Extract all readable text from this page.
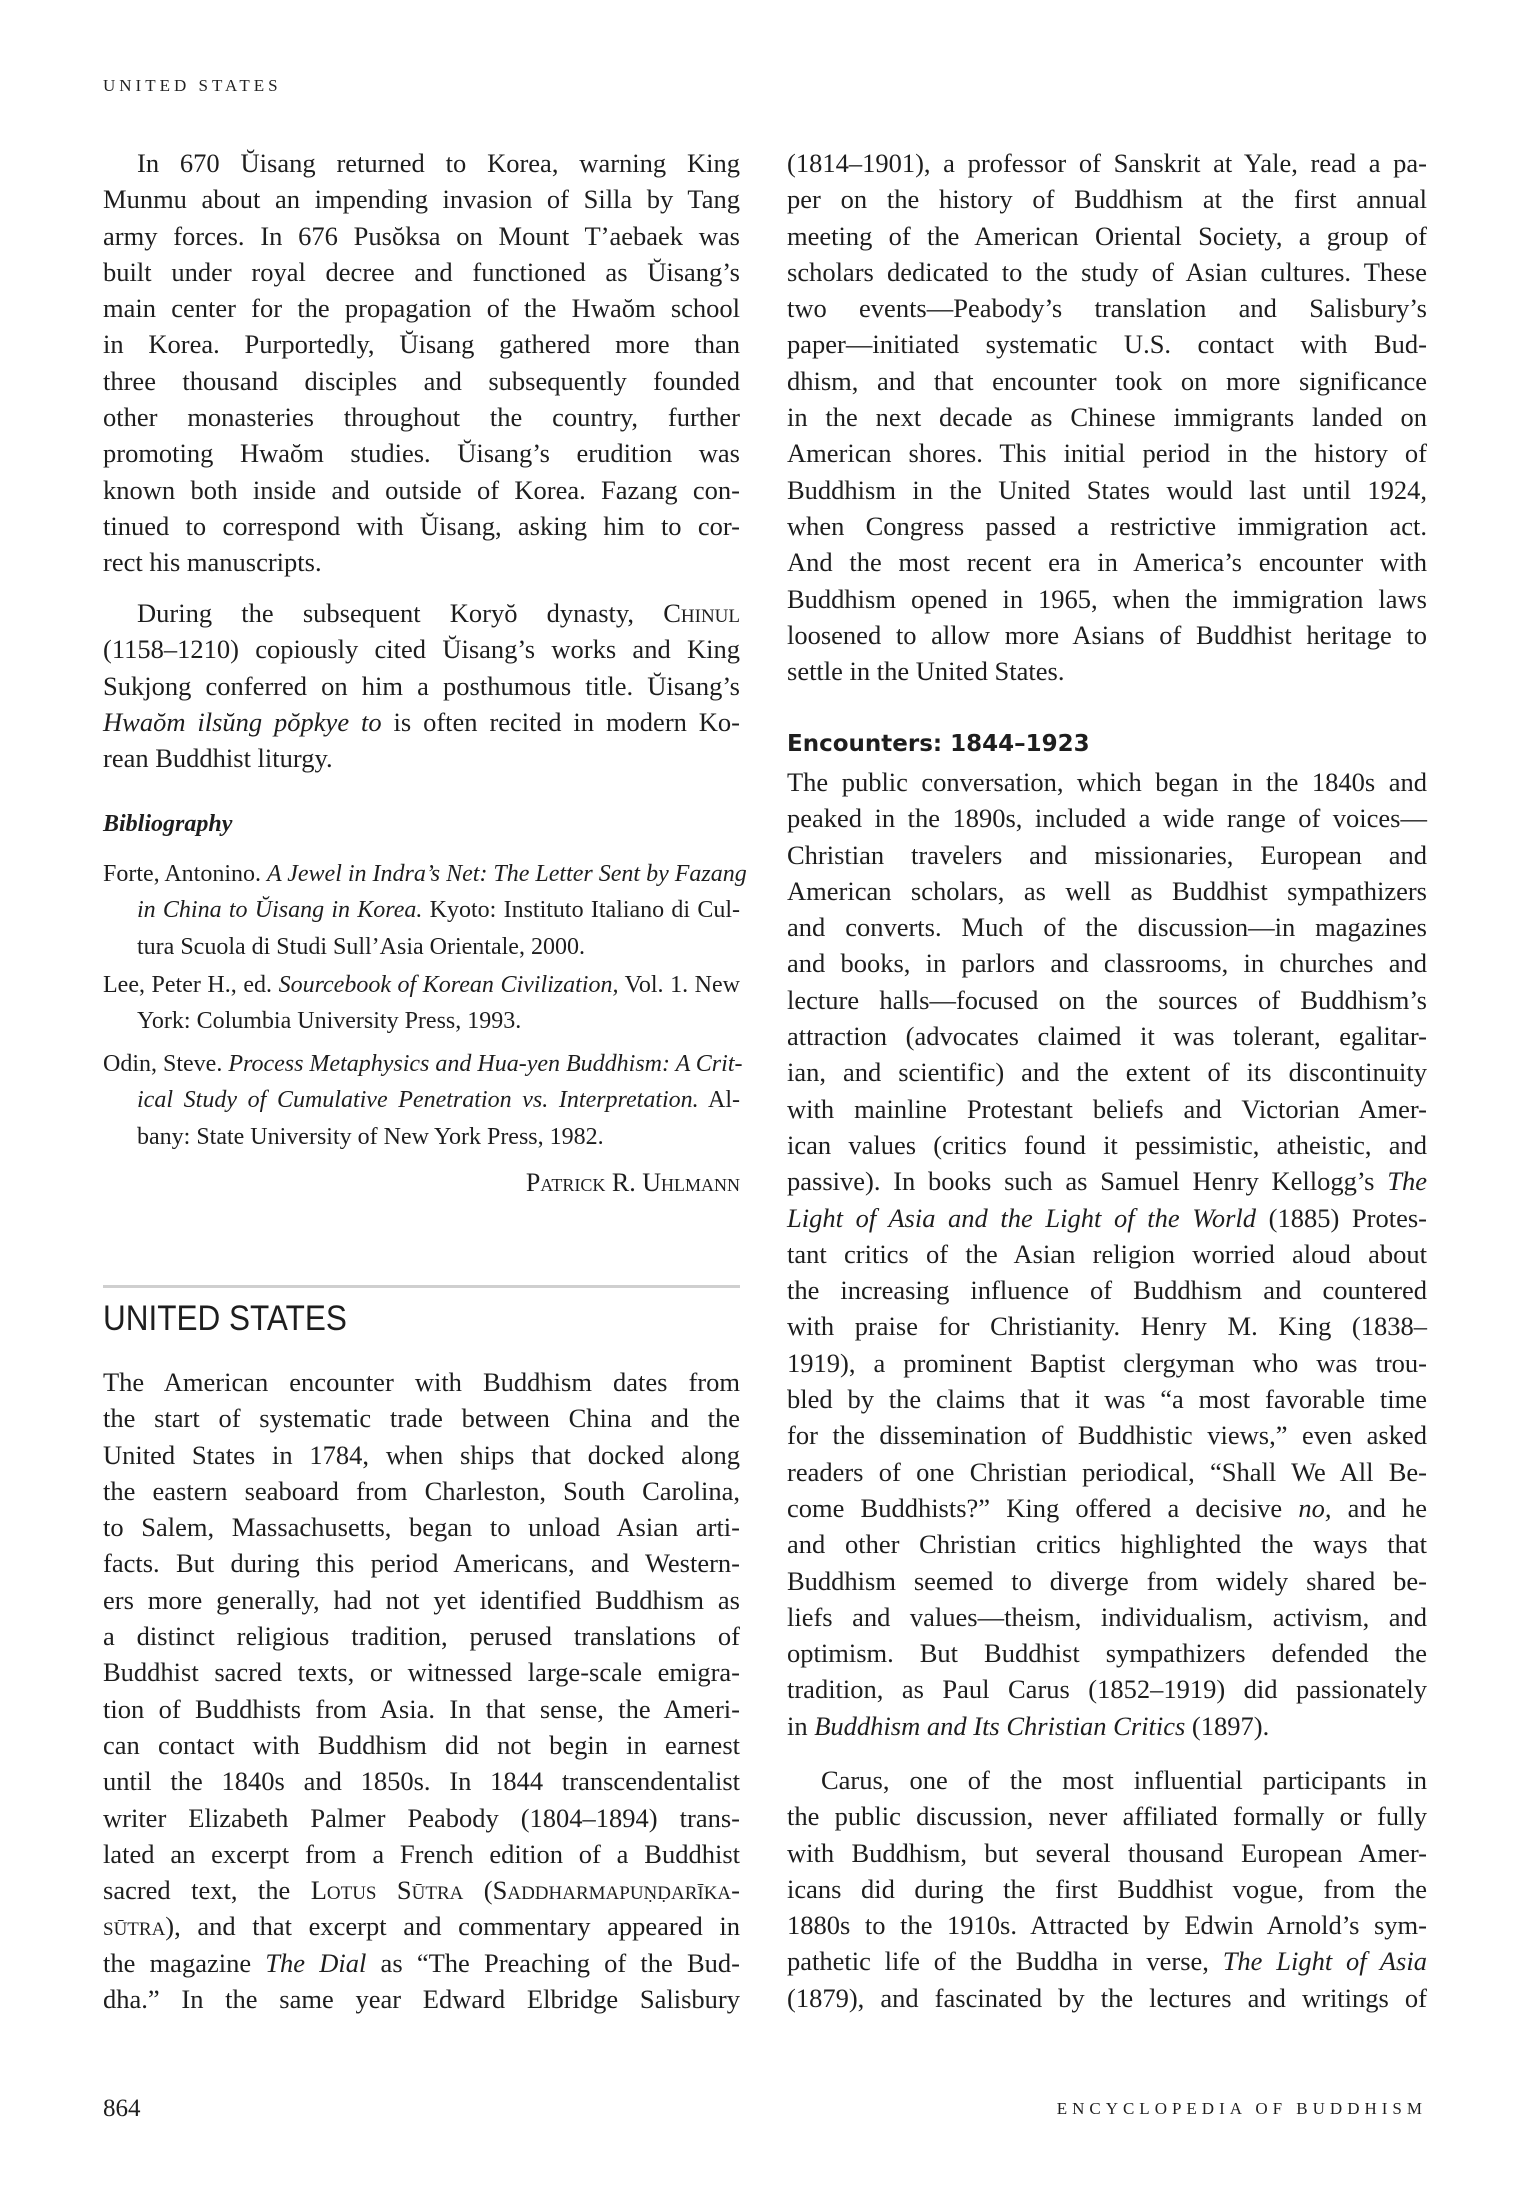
UNITED STATES
In 670 Ŭisang returned to Korea, warning King
Munmu about an impending invasion of Silla by Tang
army forces. In 676 Pusŏksa on Mount T’aebaek was
built under royal decree and functioned as Ŭisang’s
main center for the propagation of the Hwaŏm school
in Korea. Purportedly, Ŭisang gathered more than
three thousand disciples and subsequently founded
other monasteries throughout the country, further
promoting Hwaŏm studies. Ŭisang’s erudition was
known both inside and outside of Korea. Fazang con-
tinued to correspond with Ŭisang, asking him to cor-
rect his manuscripts.
During the subsequent Koryŏ dynasty, Chinul
(1158–1210) copiously cited Ŭisang’s works and King
Sukjong conferred on him a posthumous title. Ŭisang’s
Hwaŏm ilsŭng pŏpkye to is often recited in modern Ko-
rean Buddhist liturgy.
Bibliography
Forte, Antonino. A Jewel in Indra’s Net: The Letter Sent by Fazang
in China to Ŭisang in Korea. Kyoto: Instituto Italiano di Cul-
tura Scuola di Studi Sull’Asia Orientale, 2000.
Lee, Peter H., ed. Sourcebook of Korean Civilization, Vol. 1. New
York: Columbia University Press, 1993.
Odin, Steve. Process Metaphysics and Hua-yen Buddhism: A Crit-
ical Study of Cumulative Penetration vs. Interpretation. Al-
bany: State University of New York Press, 1982.
Patrick R. Uhlmann
UNITED STATES
The American encounter with Buddhism dates from
the start of systematic trade between China and the
United States in 1784, when ships that docked along
the eastern seaboard from Charleston, South Carolina,
to Salem, Massachusetts, began to unload Asian arti-
facts. But during this period Americans, and Western-
ers more generally, had not yet identified Buddhism as
a distinct religious tradition, perused translations of
Buddhist sacred texts, or witnessed large-scale emigra-
tion of Buddhists from Asia. In that sense, the Ameri-
can contact with Buddhism did not begin in earnest
until the 1840s and 1850s. In 1844 transcendentalist
writer Elizabeth Palmer Peabody (1804–1894) trans-
lated an excerpt from a French edition of a Buddhist
sacred text, the Lotus Sūtra (Saddharmapuṇḍarīka-
sūtra), and that excerpt and commentary appeared in
the magazine The Dial as “The Preaching of the Bud-
dha.” In the same year Edward Elbridge Salisbury
(1814–1901), a professor of Sanskrit at Yale, read a pa-
per on the history of Buddhism at the first annual
meeting of the American Oriental Society, a group of
scholars dedicated to the study of Asian cultures. These
two events—Peabody’s translation and Salisbury’s
paper—initiated systematic U.S. contact with Bud-
dhism, and that encounter took on more significance
in the next decade as Chinese immigrants landed on
American shores. This initial period in the history of
Buddhism in the United States would last until 1924,
when Congress passed a restrictive immigration act.
And the most recent era in America’s encounter with
Buddhism opened in 1965, when the immigration laws
loosened to allow more Asians of Buddhist heritage to
settle in the United States.
Encounters: 1844–1923
The public conversation, which began in the 1840s and
peaked in the 1890s, included a wide range of voices—
Christian travelers and missionaries, European and
American scholars, as well as Buddhist sympathizers
and converts. Much of the discussion—in magazines
and books, in parlors and classrooms, in churches and
lecture halls—focused on the sources of Buddhism’s
attraction (advocates claimed it was tolerant, egalitar-
ian, and scientific) and the extent of its discontinuity
with mainline Protestant beliefs and Victorian Amer-
ican values (critics found it pessimistic, atheistic, and
passive). In books such as Samuel Henry Kellogg’s The
Light of Asia and the Light of the World (1885) Protes-
tant critics of the Asian religion worried aloud about
the increasing influence of Buddhism and countered
with praise for Christianity. Henry M. King (1838–
1919), a prominent Baptist clergyman who was trou-
bled by the claims that it was “a most favorable time
for the dissemination of Buddhistic views,” even asked
readers of one Christian periodical, “Shall We All Be-
come Buddhists?” King offered a decisive no, and he
and other Christian critics highlighted the ways that
Buddhism seemed to diverge from widely shared be-
liefs and values—theism, individualism, activism, and
optimism. But Buddhist sympathizers defended the
tradition, as Paul Carus (1852–1919) did passionately
in Buddhism and Its Christian Critics (1897).
Carus, one of the most influential participants in
the public discussion, never affiliated formally or fully
with Buddhism, but several thousand European Amer-
icans did during the first Buddhist vogue, from the
1880s to the 1910s. Attracted by Edwin Arnold’s sym-
pathetic life of the Buddha in verse, The Light of Asia
(1879), and fascinated by the lectures and writings of
864	ENCYCLOPEDIA OF BUDDHISM
